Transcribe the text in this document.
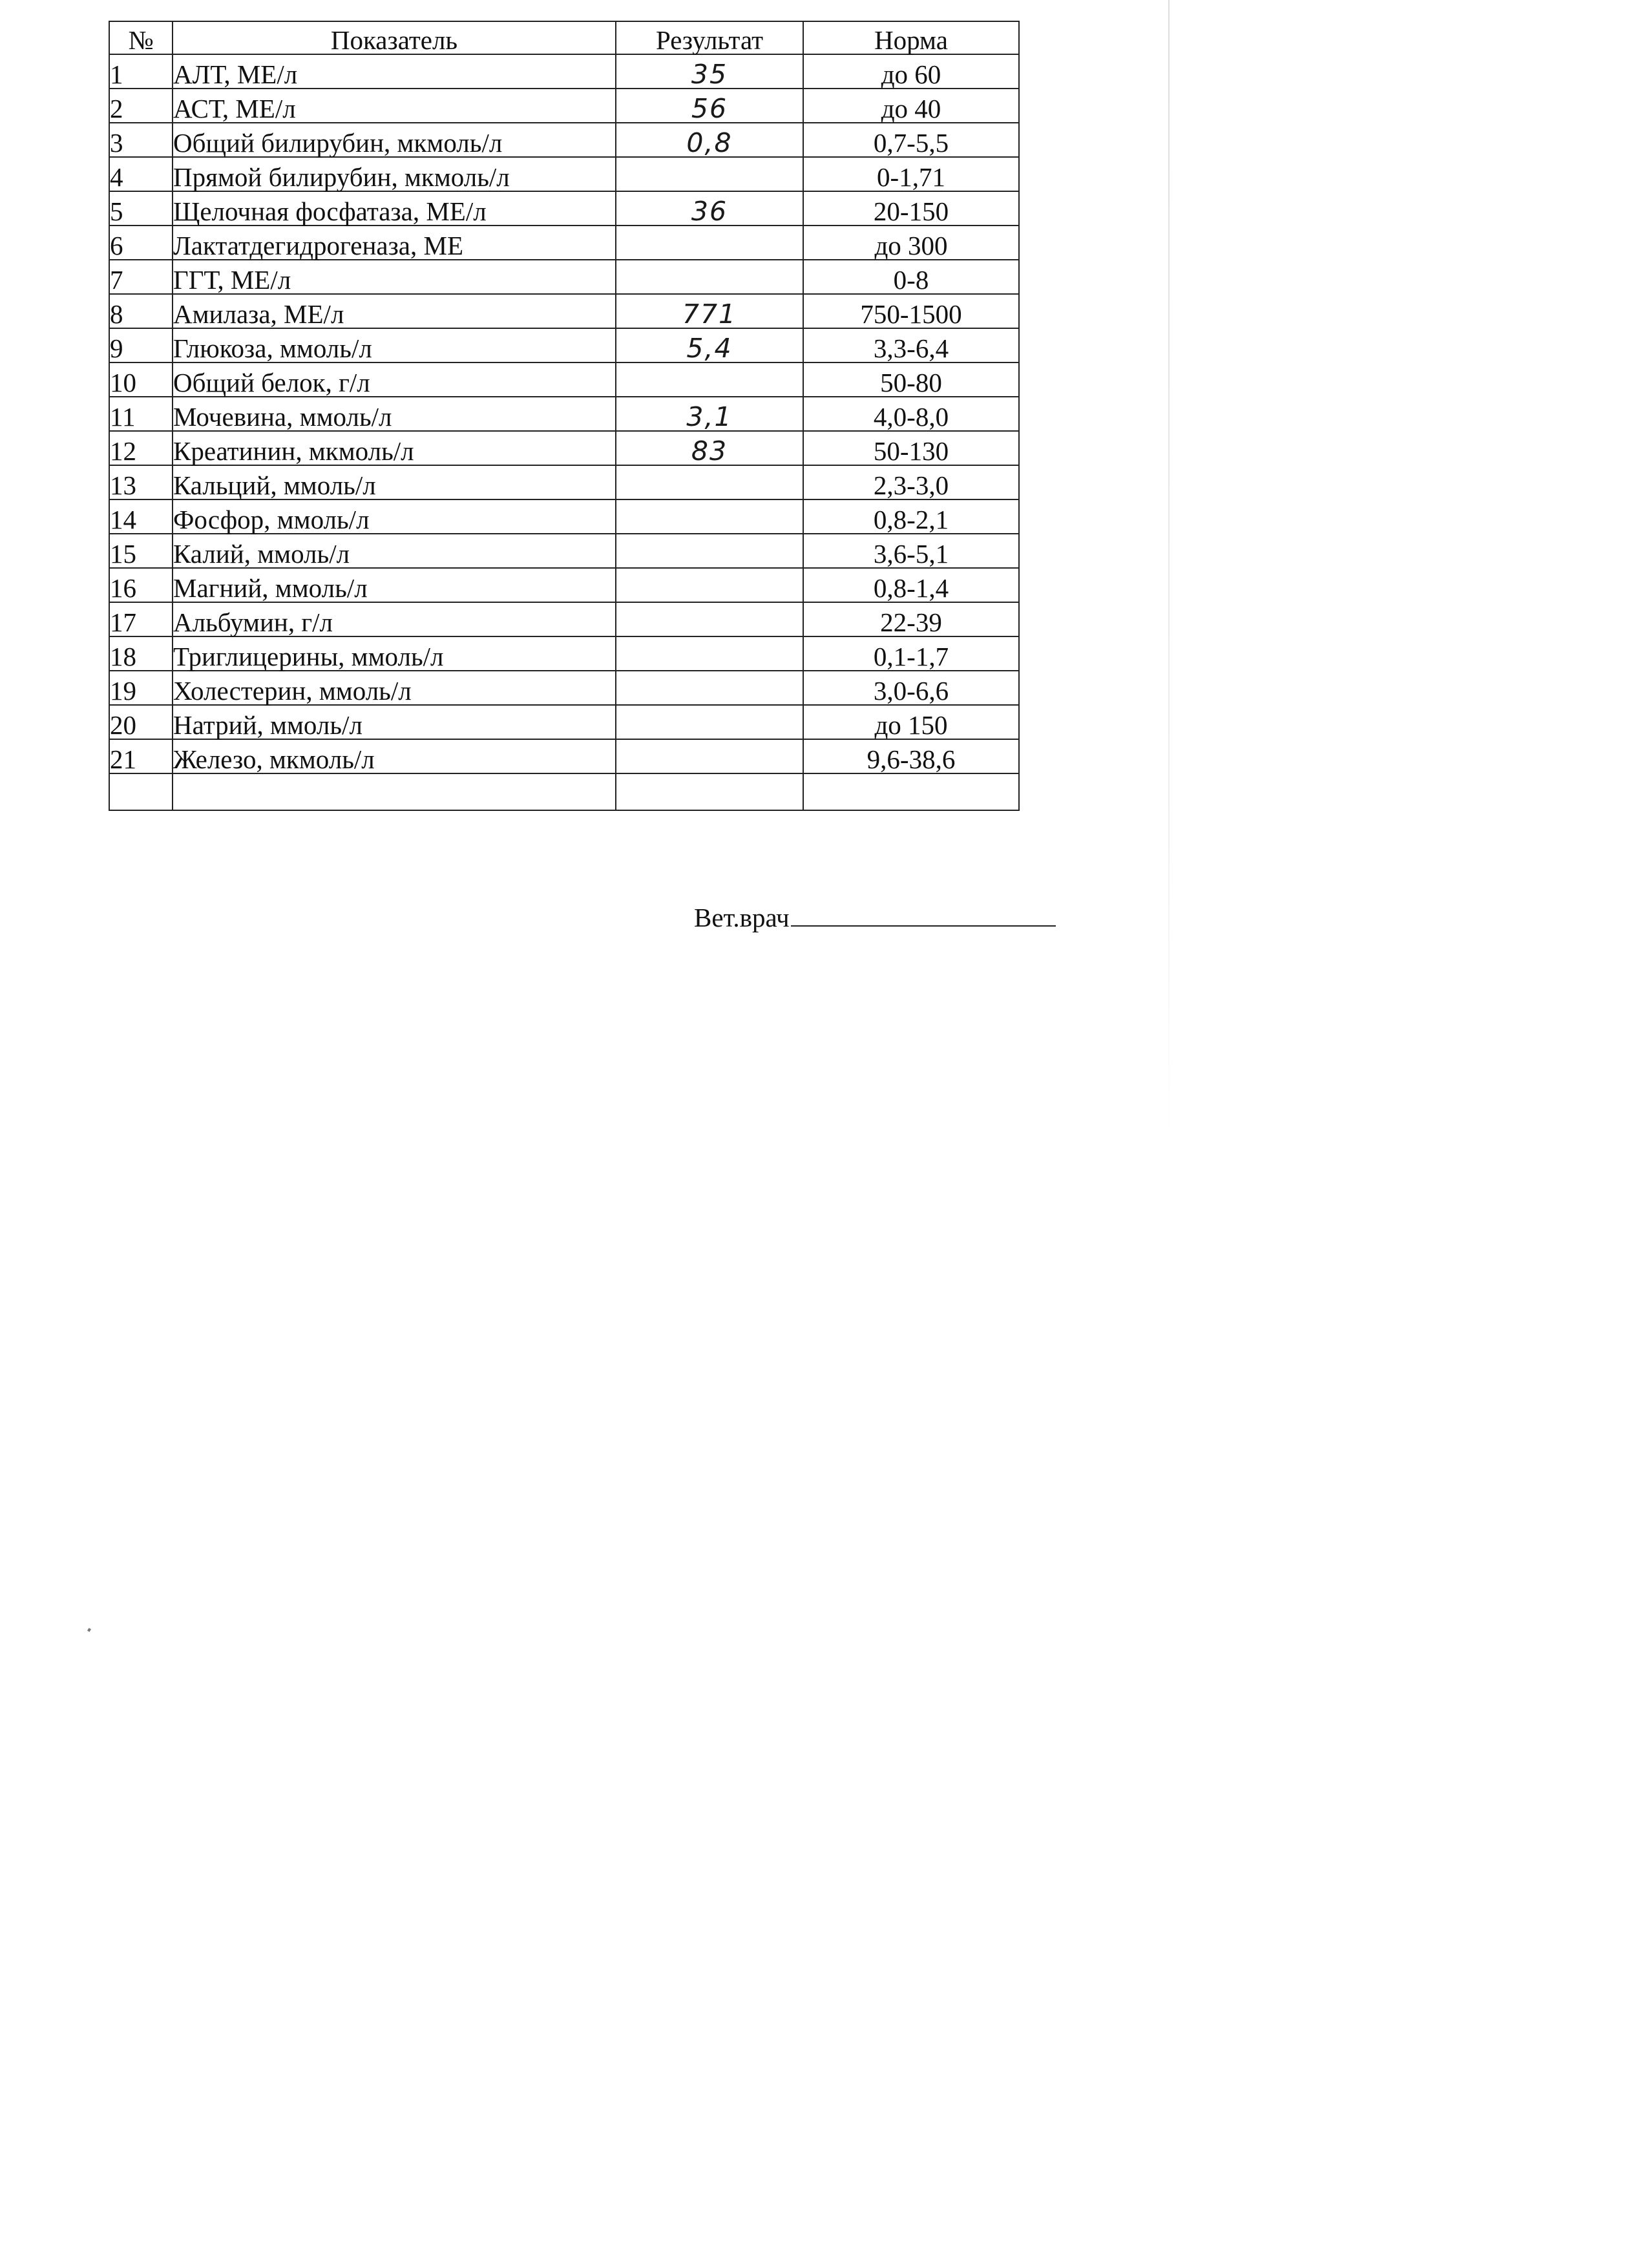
№	Показатель	Результат	Норма
1	АЛТ, МЕ/л	35	до 60
2	АСТ, МЕ/л	56	до 40
3	Общий билирубин, мкмоль/л	0,8	0,7-5,5
4	Прямой билирубин, мкмоль/л		0-1,71
5	Щелочная фосфатаза, МЕ/л	36	20-150
6	Лактатдегидрогеназа, МЕ		до 300
7	ГГТ, МЕ/л		0-8
8	Амилаза, МЕ/л	771	750-1500
9	Глюкоза, ммоль/л	5,4	3,3-6,4
10	Общий белок, г/л		50-80
11	Мочевина, ммоль/л	3,1	4,0-8,0
12	Креатинин, мкмоль/л	83	50-130
13	Кальций, ммоль/л		2,3-3,0
14	Фосфор, ммоль/л		0,8-2,1
15	Калий, ммоль/л		3,6-5,1
16	Магний, ммоль/л		0,8-1,4
17	Альбумин, г/л		22-39
18	Триглицерины, ммоль/л		0,1-1,7
19	Холестерин, ммоль/л		3,0-6,6
20	Натрий, ммоль/л		до 150
21	Железо, мкмоль/л		9,6-38,6

Вет.врач
